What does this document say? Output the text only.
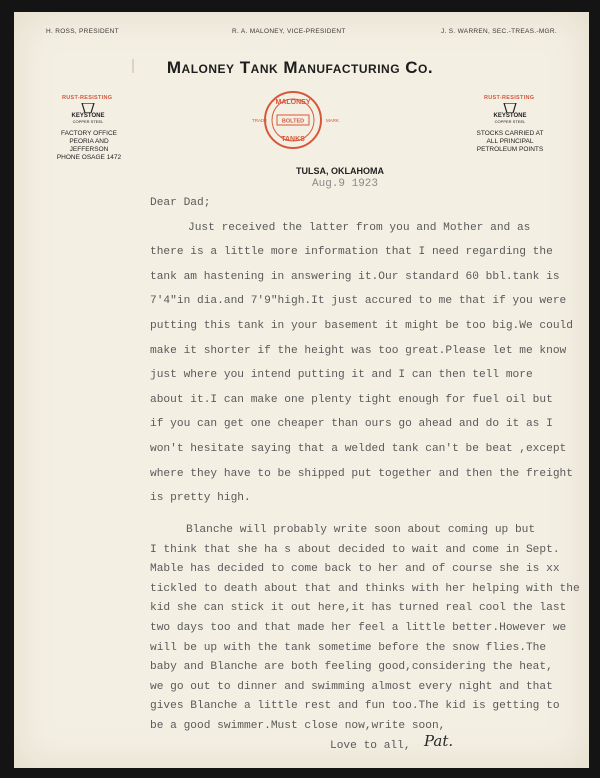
H. ROSS, PRESIDENT	R. A. MALONEY, VICE-PRESIDENT	J. S. WARREN, SEC.-TREAS.-MGR.
Maloney Tank Manufacturing Co.
RUST-RESISTING
KEYSTONE
COPPER STEEL
FACTORY OFFICE
PEORIA AND JEFFERSON
PHONE OSAGE 1472
RUST-RESISTING
KEYSTONE
COPPER STEEL
STOCKS CARRIED AT
ALL PRINCIPAL
PETROLEUM POINTS
TRADE	MARK
MALONEY
BOLTED
TANKS
TULSA, OKLAHOMA
Aug.9 1923
Dear Dad;
Just received the latter from you and Mother and as
there is a little more information that I need regarding the
tank am hastening in answering it.Our standard 60 bbl.tank is
7'4"in dia.and 7'9"high.It just accured to me that if you were
putting this tank in your basement it might be too big.We could
make it shorter if the height was too great.Please let me know
just where you intend putting it and I can then tell more
about it.I can make one plenty tight enough for fuel oil but
if you can get one cheaper than ours go ahead and do it as I
won't hesitate saying that a welded tank can't be beat ,except
where they have to be shipped put together and then the freight
is pretty high.
Blanche will probably write soon about coming up but
I think that she ha s about decided to wait and come in Sept.
Mable has decided to come back to her and of course she is xx
tickled to death about that and thinks with her helping with the
kid she can stick it out here,it has turned real cool the last
two days too and that made her feel a little better.However we
will be up with the tank sometime before the snow flies.The
baby and Blanche are both feeling good,considering the heat,
we go out to dinner and swimming almost every night and that
gives Blanche a little rest and fun too.The kid is getting to
be a good swimmer.Must close now,write soon,
Love to all, Pat.
